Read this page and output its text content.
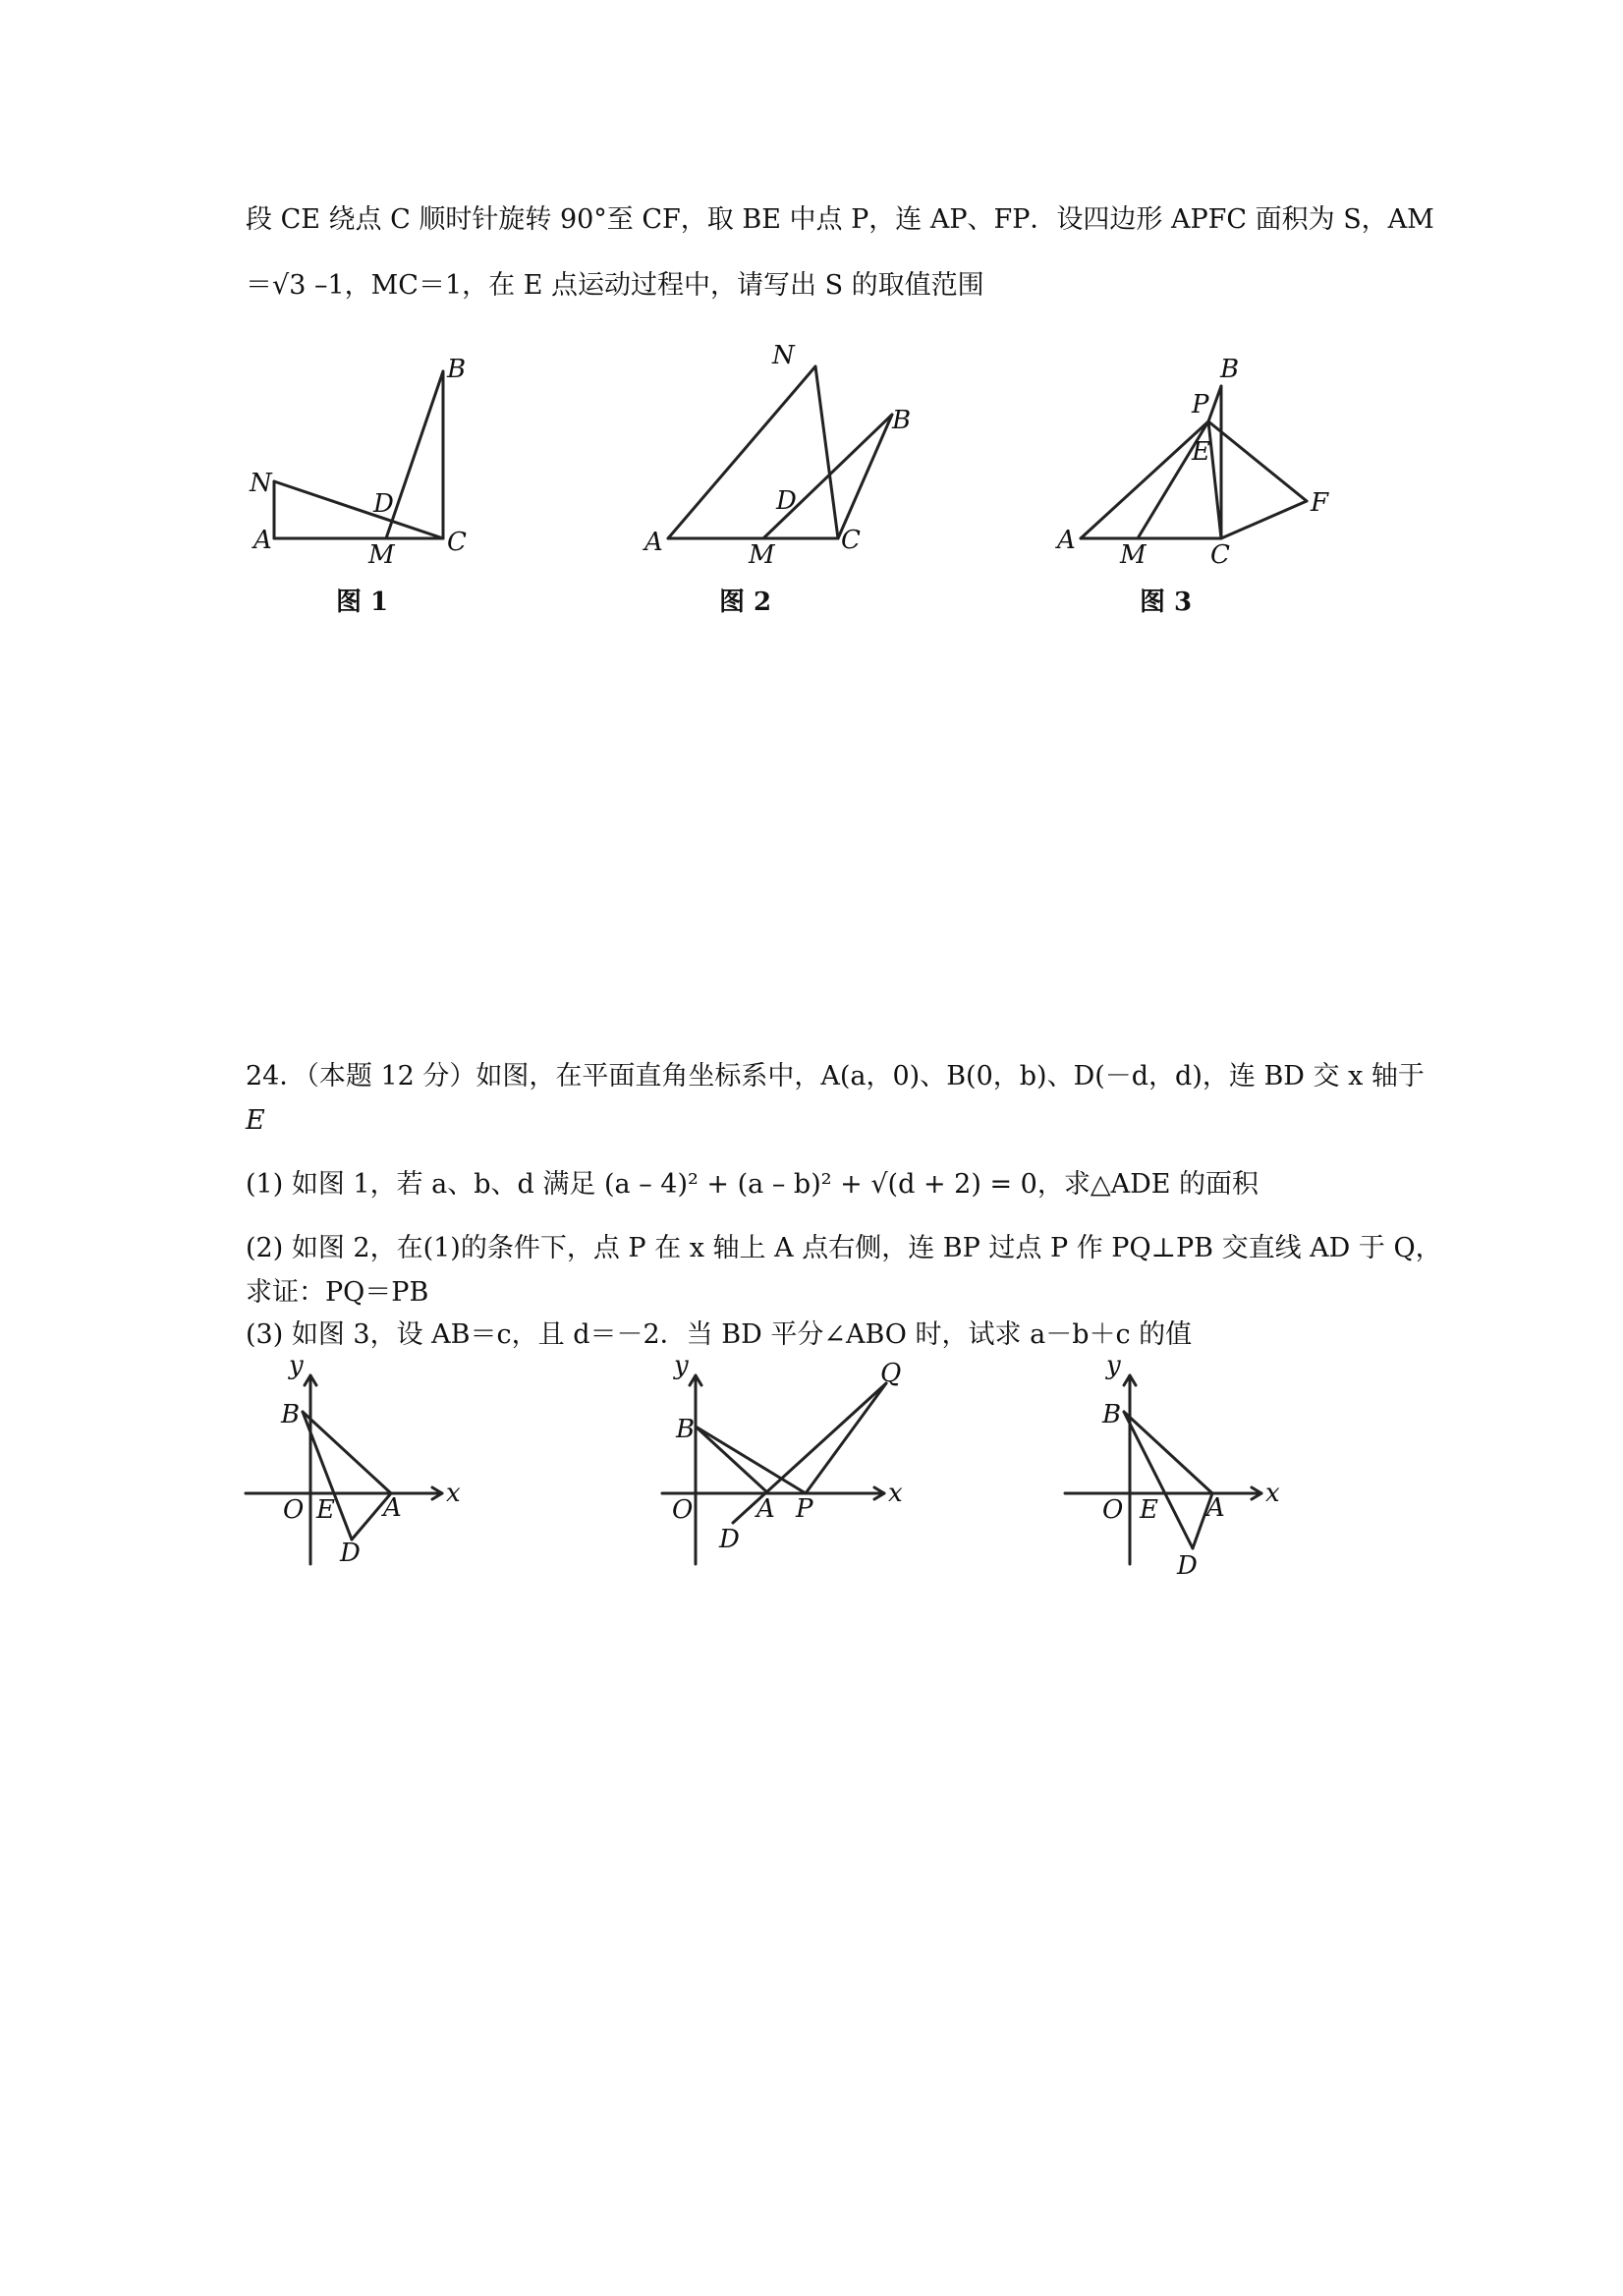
段 CE 绕点 C 顺时针旋转 90°至 CF，取 BE 中点 P，连 AP、FP．设四边形 APFC 面积为 S，AM
＝√3 –1，MC＝1，在 E 点运动过程中，请写出 S 的取值范围
N
A
B
D
C
M
图 1
N
B
D
A	M	C
图 2
B
P
E
F
A M	C
图 3
24．（本题 12 分）如图，在平面直角坐标系中，A(a，0)、B(0，b)、D(－d，d)，连 BD 交 x 轴于
E
(1) 如图 1，若 a、b、d 满足 (a – 4)² + (a – b)² + √(d + 2) = 0，求△ADE 的面积
(2) 如图 2，在(1)的条件下，点 P 在 x 轴上 A 点右侧，连 BP 过点 P 作 PQ⊥PB 交直线 AD 于 Q，
求证：PQ＝PB
(3) 如图 3，设 AB＝c，且 d＝－2．当 BD 平分∠ABO 时，试求 a－b＋c 的值
y
B
O E A
D
x
y
B
O A P
D
Q
x
y
B
O E A
D
x
